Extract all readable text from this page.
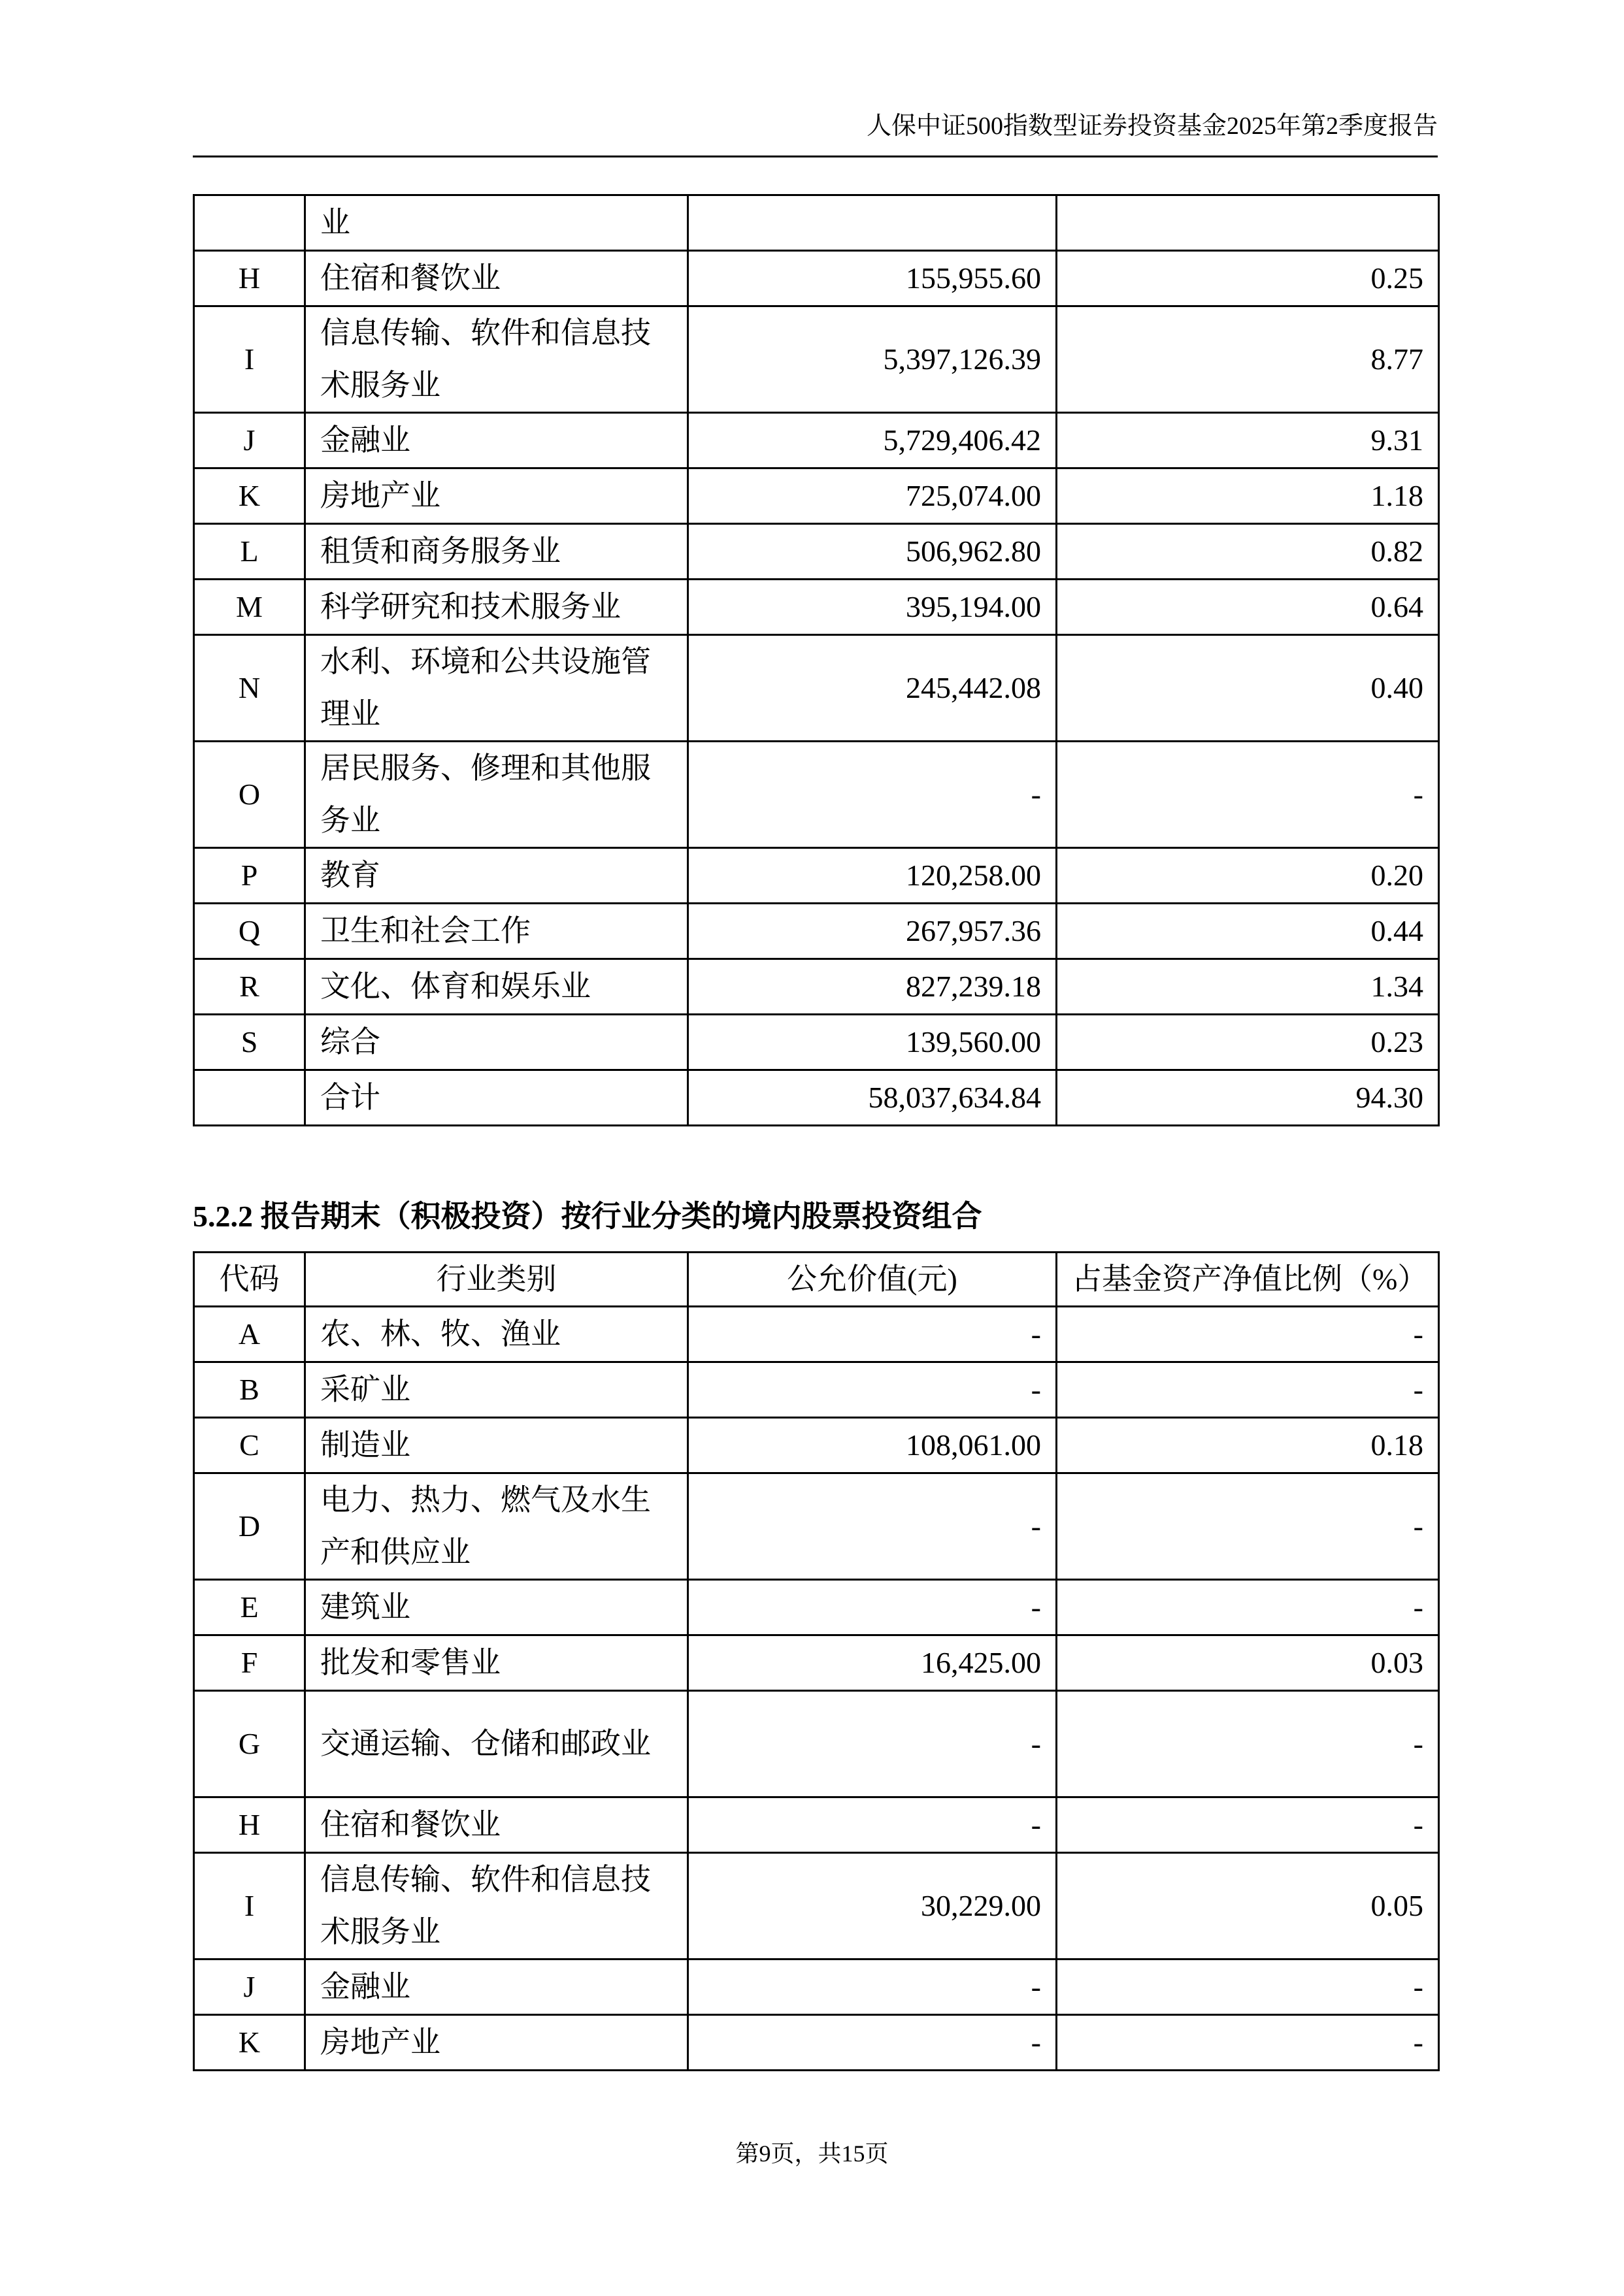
人保中证500指数型证券投资基金2025年第2季度报告
	业		
H	住宿和餐饮业	155,955.60	0.25
I	信息传输、软件和信息技术服务业	5,397,126.39	8.77
J	金融业	5,729,406.42	9.31
K	房地产业	725,074.00	1.18
L	租赁和商务服务业	506,962.80	0.82
M	科学研究和技术服务业	395,194.00	0.64
N	水利、环境和公共设施管理业	245,442.08	0.40
O	居民服务、修理和其他服务业	-	-
P	教育	120,258.00	0.20
Q	卫生和社会工作	267,957.36	0.44
R	文化、体育和娱乐业	827,239.18	1.34
S	综合	139,560.00	0.23
	合计	58,037,634.84	94.30
5.2.2 报告期末（积极投资）按行业分类的境内股票投资组合
代码	行业类别	公允价值(元)	占基金资产净值比例（%）
A	农、林、牧、渔业	-	-
B	采矿业	-	-
C	制造业	108,061.00	0.18
D	电力、热力、燃气及水生产和供应业	-	-
E	建筑业	-	-
F	批发和零售业	16,425.00	0.03
G	交通运输、仓储和邮政业	-	-
H	住宿和餐饮业	-	-
I	信息传输、软件和信息技术服务业	30,229.00	0.05
J	金融业	-	-
K	房地产业	-	-
第9页，共15页
